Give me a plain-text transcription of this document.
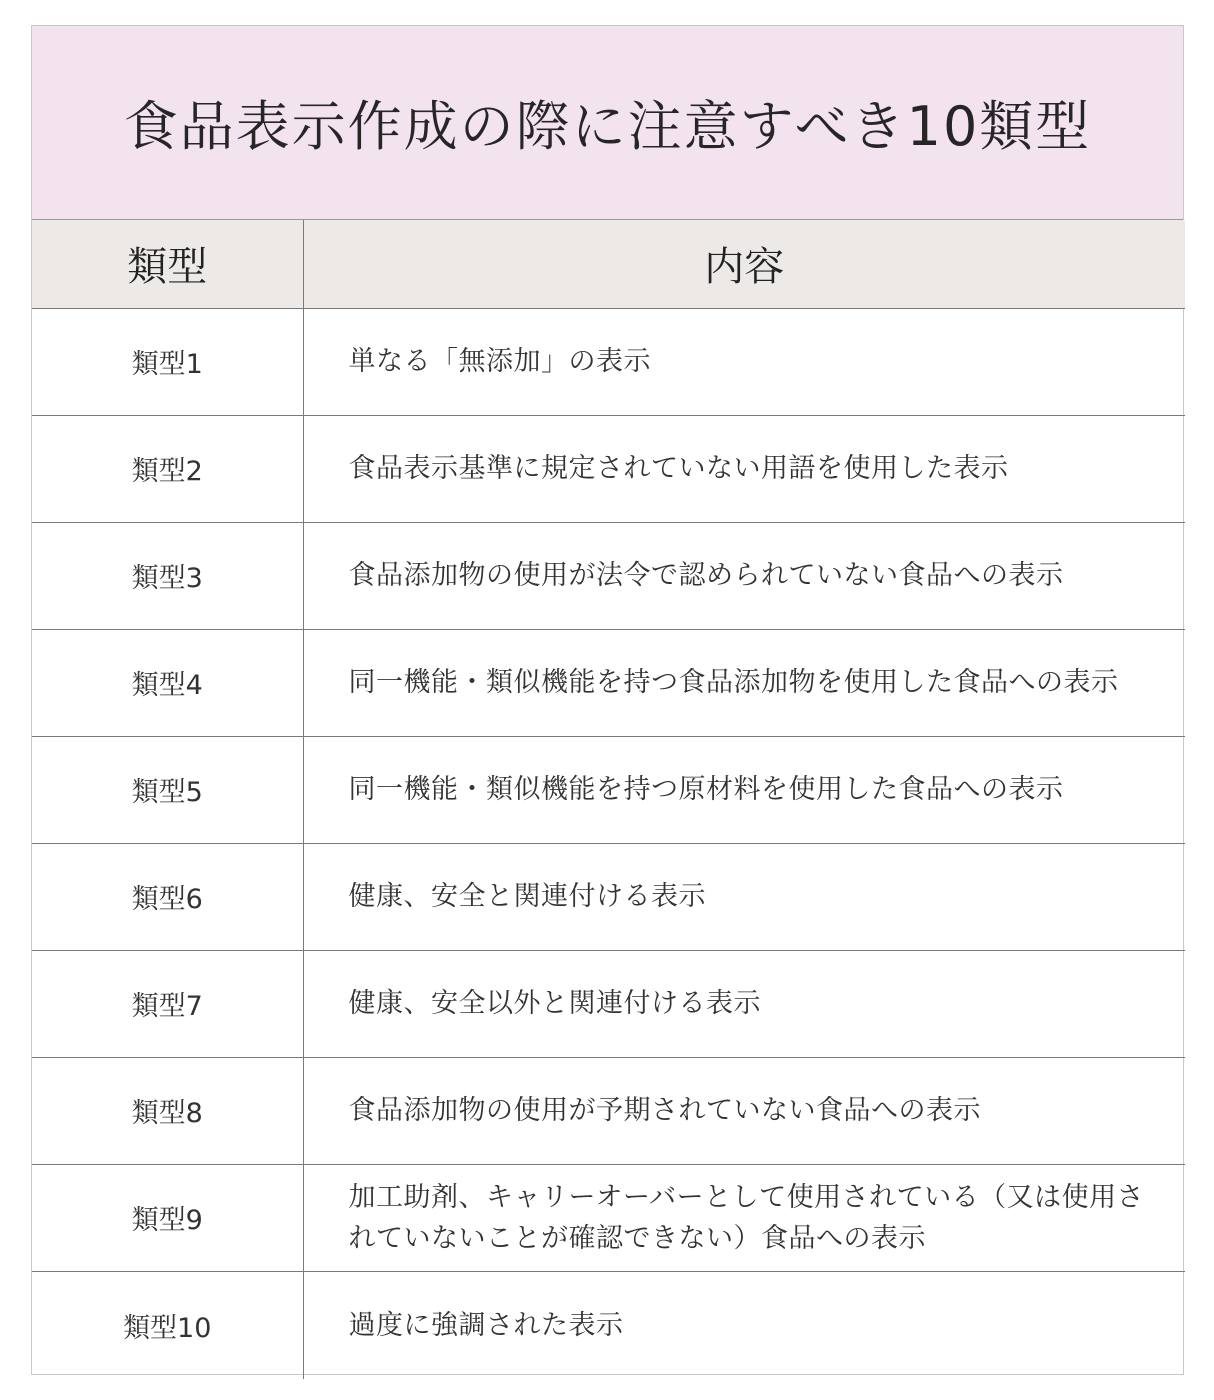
食品表示作成の際に注意すべき10類型
類型	内容
類型1	単なる「無添加」の表示
類型2	食品表示基準に規定されていない用語を使用した表示
類型3	食品添加物の使用が法令で認められていない食品への表示
類型4	同一機能・類似機能を持つ食品添加物を使用した食品への表示
類型5	同一機能・類似機能を持つ原材料を使用した食品への表示
類型6	健康、安全と関連付ける表示
類型7	健康、安全以外と関連付ける表示
類型8	食品添加物の使用が予期されていない食品への表示
類型9	加工助剤、キャリーオーバーとして使用されている（又は使用されていないことが確認できない）食品への表示
類型10	過度に強調された表示
